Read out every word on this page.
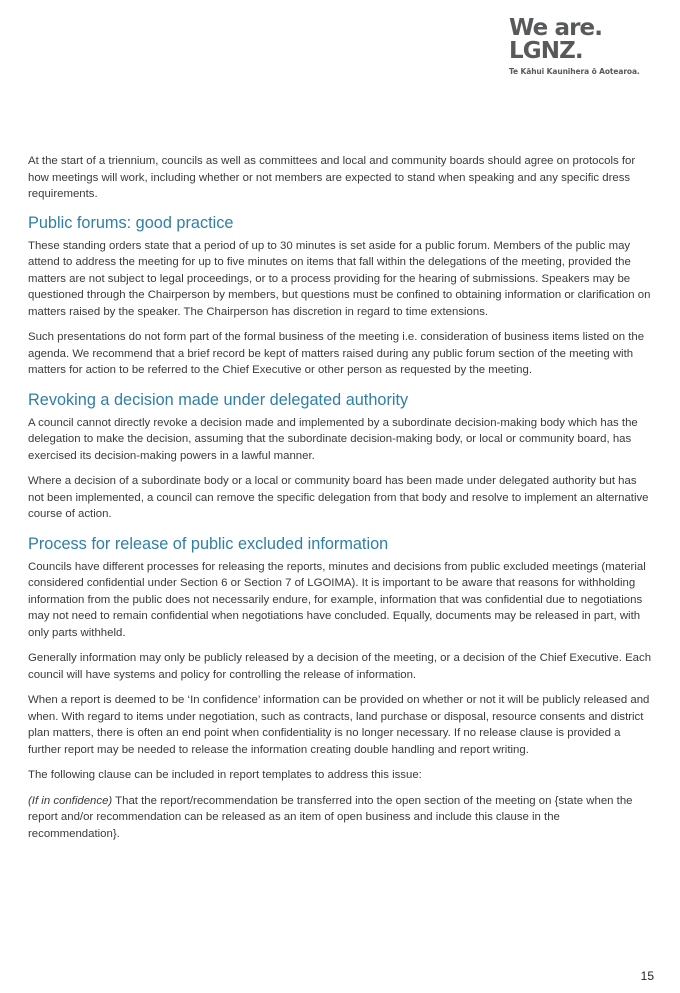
We are.
LGNZ.
Te Kāhui Kaunihera ō Aotearoa.

At the start of a triennium, councils as well as committees and local and community boards should agree on protocols for how meetings will work, including whether or not members are expected to stand when speaking and any specific dress requirements.

Public forums: good practice

These standing orders state that a period of up to 30 minutes is set aside for a public forum. Members of the public may attend to address the meeting for up to five minutes on items that fall within the delegations of the meeting, provided the matters are not subject to legal proceedings, or to a process providing for the hearing of submissions. Speakers may be questioned through the Chairperson by members, but questions must be confined to obtaining information or clarification on matters raised by the speaker. The Chairperson has discretion in regard to time extensions.

Such presentations do not form part of the formal business of the meeting i.e. consideration of business items listed on the agenda. We recommend that a brief record be kept of matters raised during any public forum section of the meeting with matters for action to be referred to the Chief Executive or other person as requested by the meeting.

Revoking a decision made under delegated authority

A council cannot directly revoke a decision made and implemented by a subordinate decision-making body which has the delegation to make the decision, assuming that the subordinate decision-making body, or local or community board, has exercised its decision-making powers in a lawful manner.

Where a decision of a subordinate body or a local or community board has been made under delegated authority but has not been implemented, a council can remove the specific delegation from that body and resolve to implement an alternative course of action.

Process for release of public excluded information

Councils have different processes for releasing the reports, minutes and decisions from public excluded meetings (material considered confidential under Section 6 or Section 7 of LGOIMA). It is important to be aware that reasons for withholding information from the public does not necessarily endure, for example, information that was confidential due to negotiations may not need to remain confidential when negotiations have concluded. Equally, documents may be released in part, with only parts withheld.

Generally information may only be publicly released by a decision of the meeting, or a decision of the Chief Executive. Each council will have systems and policy for controlling the release of information.

When a report is deemed to be ‘In confidence’ information can be provided on whether or not it will be publicly released and when. With regard to items under negotiation, such as contracts, land purchase or disposal, resource consents and district plan matters, there is often an end point when confidentiality is no longer necessary. If no release clause is provided a further report may be needed to release the information creating double handling and report writing.

The following clause can be included in report templates to address this issue:

(If in confidence) That the report/recommendation be transferred into the open section of the meeting on {state when the report and/or recommendation can be released as an item of open business and include this clause in the recommendation}.

15
